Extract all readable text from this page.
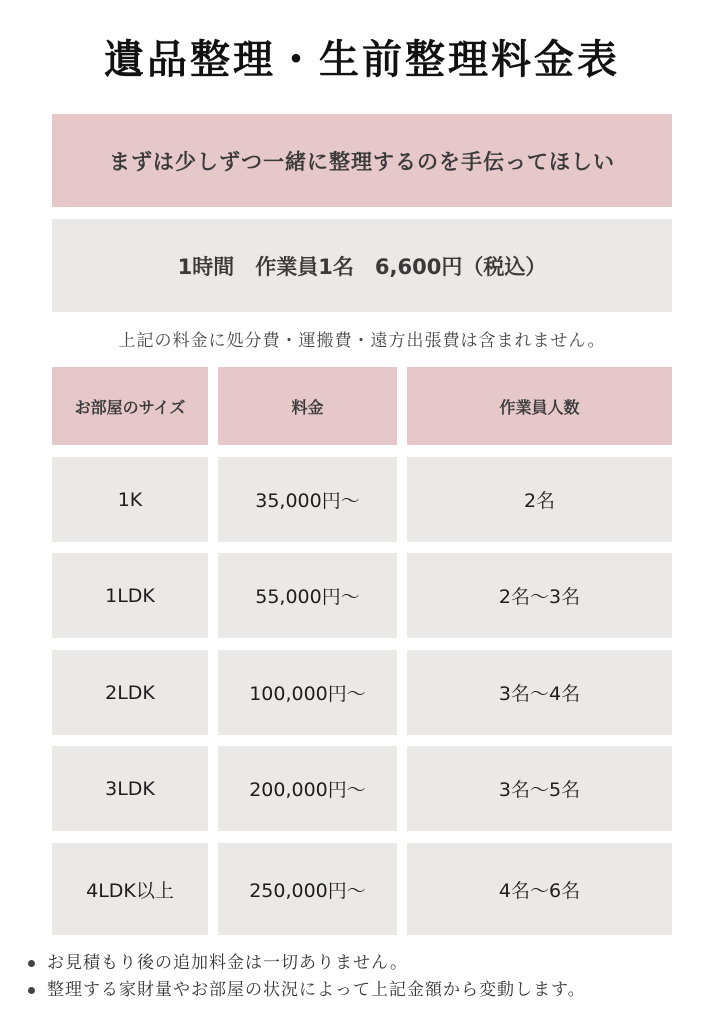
遺品整理・生前整理料金表
まずは少しずつ一緒に整理するのを手伝ってほしい
1時間　作業員1名　6,600円（税込）
上記の料金に処分費・運搬費・遠方出張費は含まれません。
お部屋のサイズ	料金	作業員人数
1K	35,000円〜	2名
1LDK	55,000円〜	2名〜3名
2LDK	100,000円〜	3名〜4名
3LDK	200,000円〜	3名〜5名
4LDK以上	250,000円〜	4名〜6名
お見積もり後の追加料金は一切ありません。
整理する家財量やお部屋の状況によって上記金額から変動します。
